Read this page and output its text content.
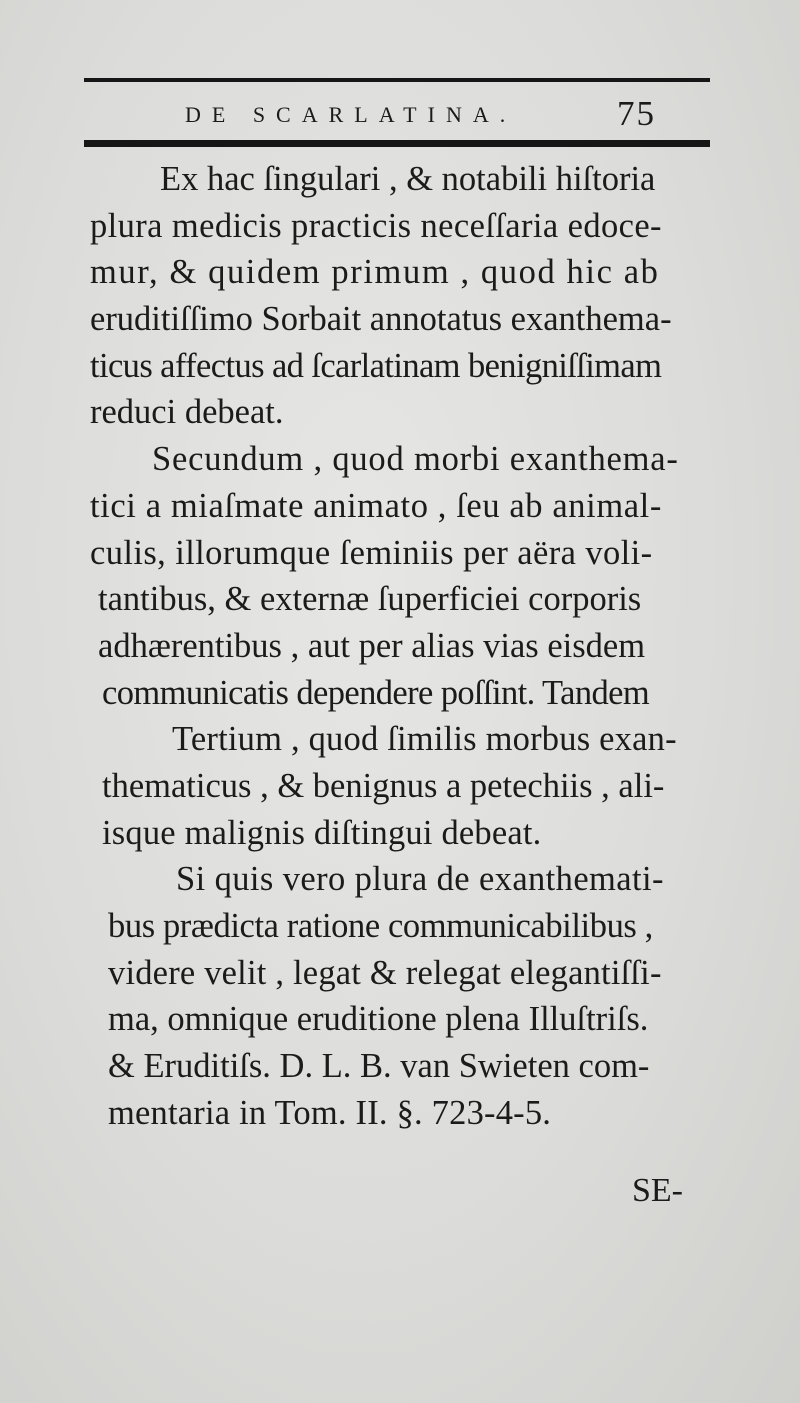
DE SCARLATINA.	75
Ex hac ſingulari , & notabili hiſtoria
plura medicis practicis neceſſaria edoce-
mur, & quidem primum , quod hic ab
eruditiſſimo Sorbait annotatus exanthema-
ticus affectus ad ſcarlatinam benigniſſimam
reduci debeat.
Secundum , quod morbi exanthema-
tici a miaſmate animato , ſeu ab animal-
culis, illorumque ſeminiis per aëra voli-
tantibus, & externæ ſuperficiei corporis
adhærentibus , aut per alias vias eisdem
communicatis dependere poſſint. Tandem
Tertium , quod ſimilis morbus exan-
thematicus , & benignus a petechiis , ali-
isque malignis diſtingui debeat.
Si quis vero plura de exanthemati-
bus prædicta ratione communicabilibus ,
videre velit , legat & relegat elegantiſſi-
ma, omnique eruditione plena Illuſtriſs.
& Eruditiſs. D. L. B. van Swieten com-
mentaria in Tom. II. §. 723-4-5.
SE-
